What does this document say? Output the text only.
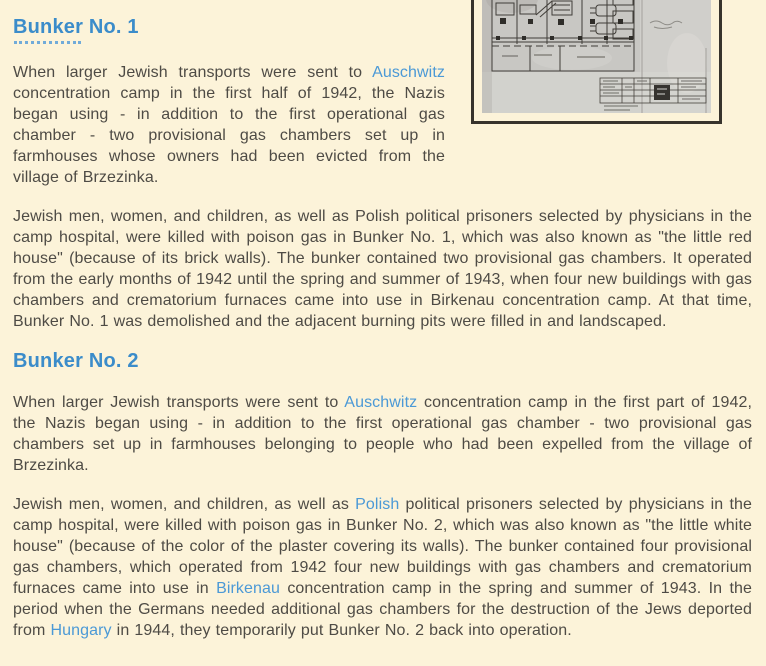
Bunker No. 1

When larger Jewish transports were sent to Auschwitz concentration camp in the first half of 1942, the Nazis began using - in addition to the first operational gas chamber - two provisional gas chambers set up in farmhouses whose owners had been evicted from the village of Brzezinka.

Jewish men, women, and children, as well as Polish political prisoners selected by physicians in the camp hospital, were killed with poison gas in Bunker No. 1, which was also known as "the little red house" (because of its brick walls). The bunker contained two provisional gas chambers. It operated from the early months of 1942 until the spring and summer of 1943, when four new buildings with gas chambers and crematorium furnaces came into use in Birkenau concentration camp. At that time, Bunker No. 1 was demolished and the adjacent burning pits were filled in and landscaped.

Bunker No. 2

When larger Jewish transports were sent to Auschwitz concentration camp in the first part of 1942, the Nazis began using - in addition to the first operational gas chamber - two provisional gas chambers set up in farmhouses belonging to people who had been expelled from the village of Brzezinka.

Jewish men, women, and children, as well as Polish political prisoners selected by physicians in the camp hospital, were killed with poison gas in Bunker No. 2, which was also known as "the little white house" (because of the color of the plaster covering its walls). The bunker contained four provisional gas chambers, which operated from 1942 four new buildings with gas chambers and crematorium furnaces came into use in Birkenau concentration camp in the spring and summer of 1943. In the period when the Germans needed additional gas chambers for the destruction of the Jews deported from Hungary in 1944, they temporarily put Bunker No. 2 back into operation.
